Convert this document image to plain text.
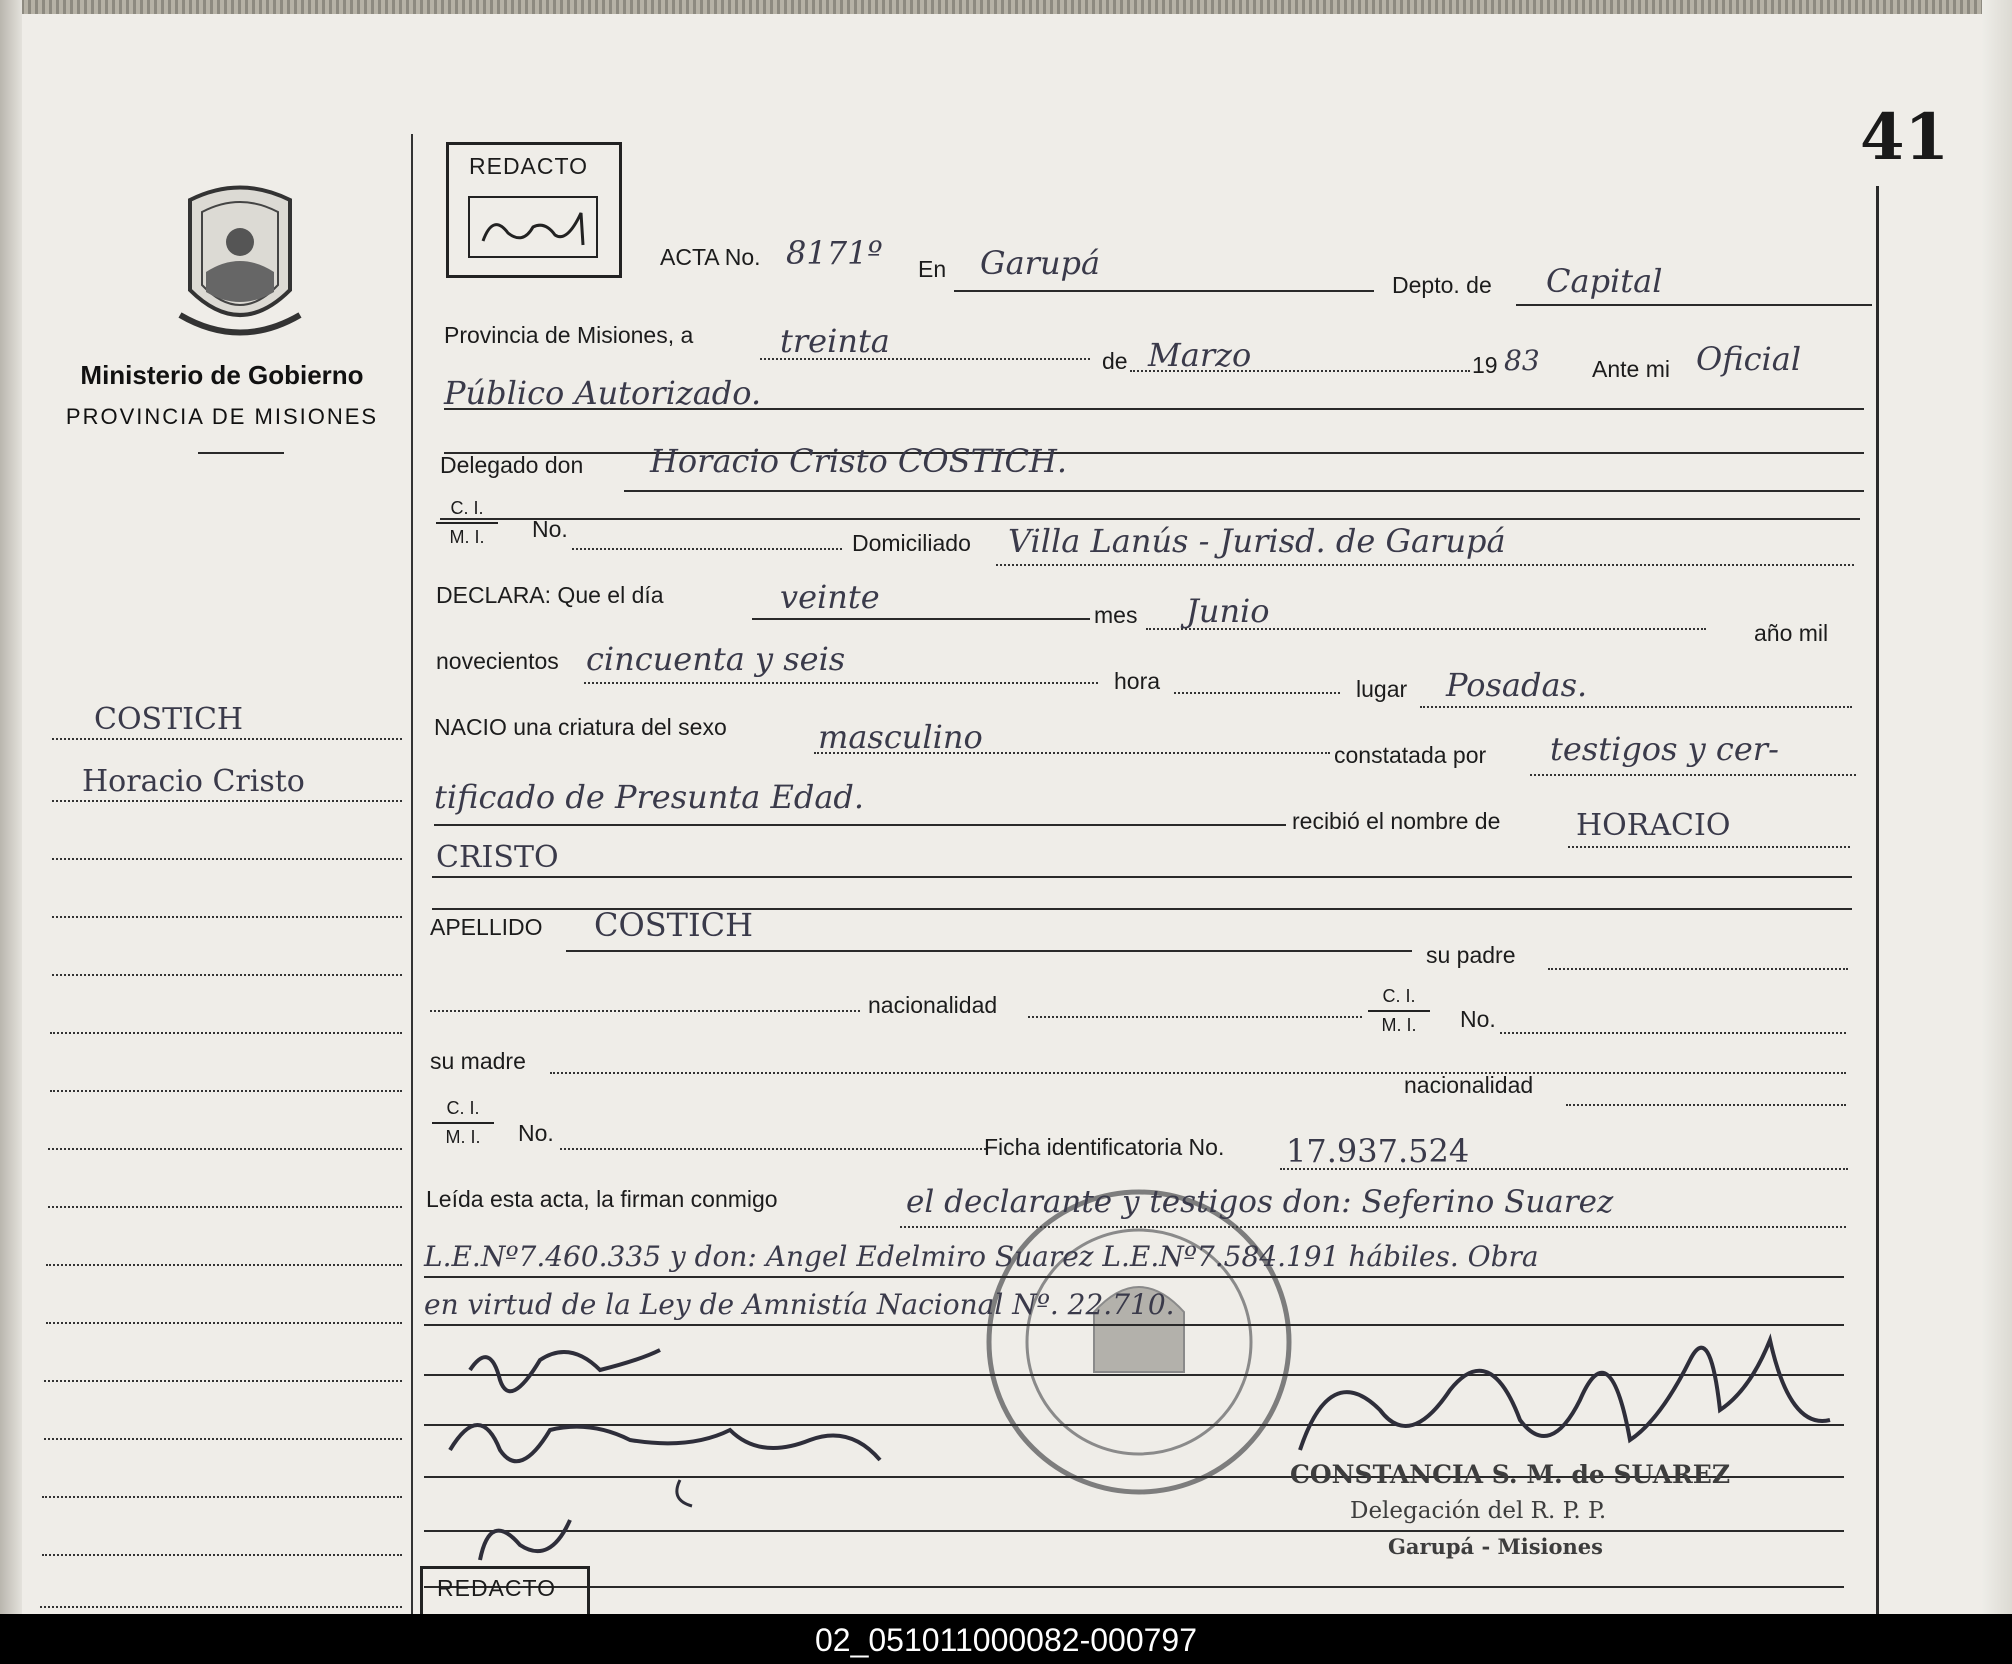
41
Ministerio de Gobierno
PROVINCIA DE MISIONES
COSTICH
Horacio Cristo
REDACTO
ACTA No. 8171º En Garupá
Depto. de Capital
Provincia de Misiones, a	treinta
de Marzo	19 83 Ante mi Oficial
Público Autorizado.
Delegado don Horacio Cristo COSTICH.
C. I.
M. I.	No.
Domiciliado Villa Lanús - Jurisd. de Garupá
DECLARA: Que el día	veinte	mes Junio
año mil
novecientos cincuenta y seis
hora	lugar Posadas.
NACIO una criatura del sexo	masculino	constatada por testigos y cer-
tificado de Presunta Edad.
recibió el nombre de	HORACIO
CRISTO
APELLIDO COSTICH
su padre
nacionalidad	C. I.
M. I.	No.
su madre
nacionalidad
C. I.
M. I.	No.
Ficha identificatoria No. 17.937.524
Leída esta acta, la firman conmigo	el declarante y testigos don: Seferino Suarez
L.E.Nº7.460.335 y don: Angel Edelmiro Suarez L.E.Nº7.584.191 hábiles. Obra
en virtud de la Ley de Amnistía Nacional Nº. 22.710.
CONSTANCIA S. M. de SUAREZ
Delegación del R. P. P.
Garupá - Misiones
REDACTO
02_051011000082-000797
